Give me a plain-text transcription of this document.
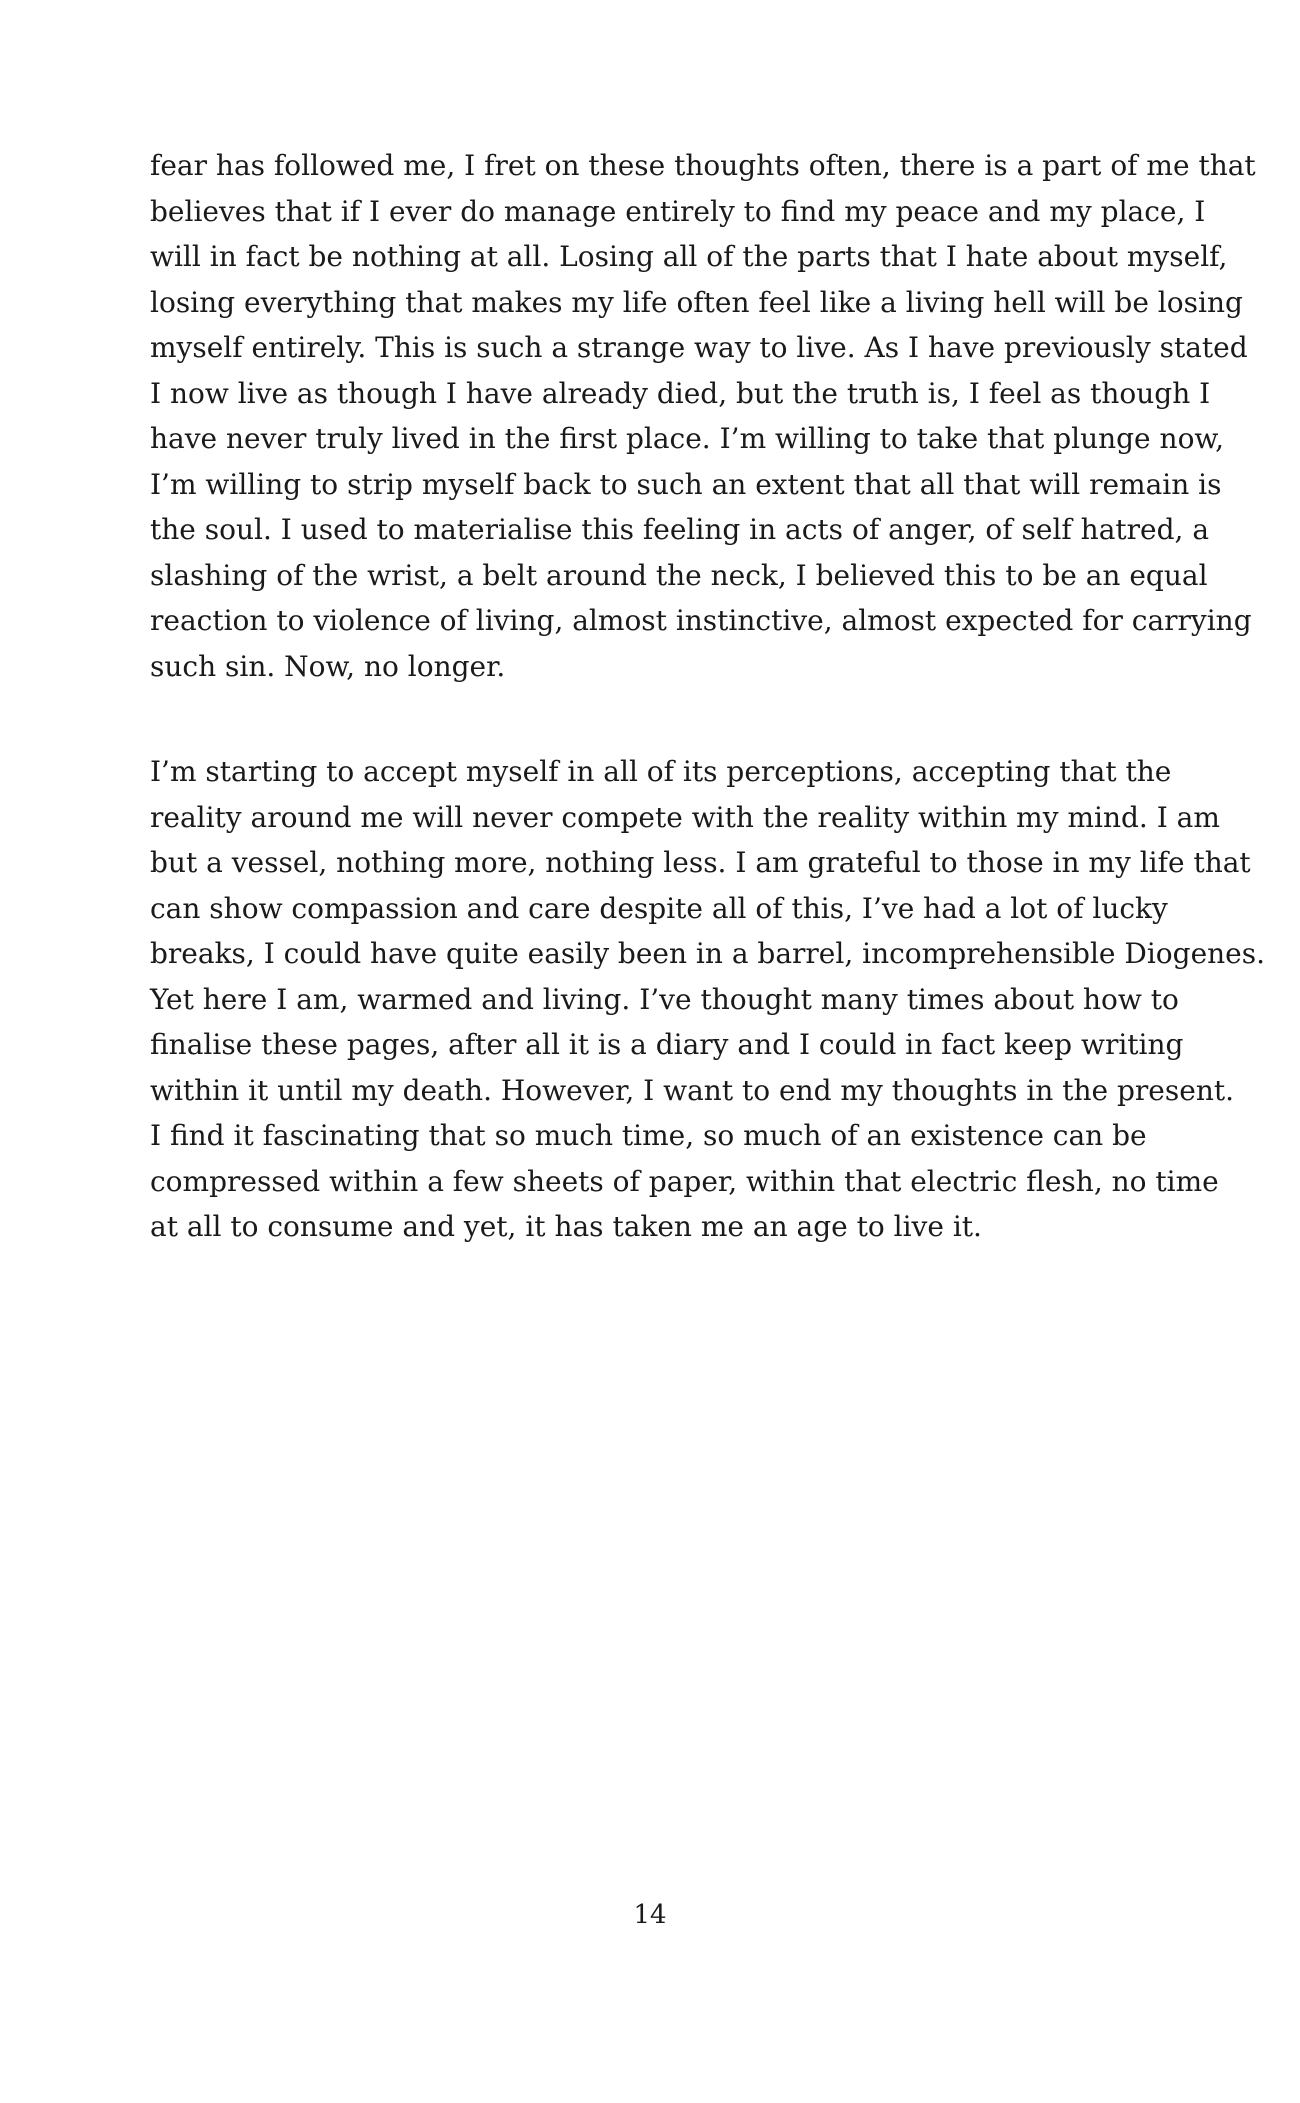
fear has followed me, I fret on these thoughts often, there is a part of me that
believes that if I ever do manage entirely to find my peace and my place, I
will in fact be nothing at all. Losing all of the parts that I hate about myself,
losing everything that makes my life often feel like a living hell will be losing
myself entirely. This is such a strange way to live. As I have previously stated
I now live as though I have already died, but the truth is, I feel as though I
have never truly lived in the first place. I’m willing to take that plunge now,
I’m willing to strip myself back to such an extent that all that will remain is
the soul. I used to materialise this feeling in acts of anger, of self hatred, a
slashing of the wrist, a belt around the neck, I believed this to be an equal
reaction to violence of living, almost instinctive, almost expected for carrying
such sin. Now, no longer.

I’m starting to accept myself in all of its perceptions, accepting that the
reality around me will never compete with the reality within my mind. I am
but a vessel, nothing more, nothing less. I am grateful to those in my life that
can show compassion and care despite all of this, I’ve had a lot of lucky
breaks, I could have quite easily been in a barrel, incomprehensible Diogenes.
Yet here I am, warmed and living. I’ve thought many times about how to
finalise these pages, after all it is a diary and I could in fact keep writing
within it until my death. However, I want to end my thoughts in the present.
I find it fascinating that so much time, so much of an existence can be
compressed within a few sheets of paper, within that electric flesh, no time
at all to consume and yet, it has taken me an age to live it.

14
